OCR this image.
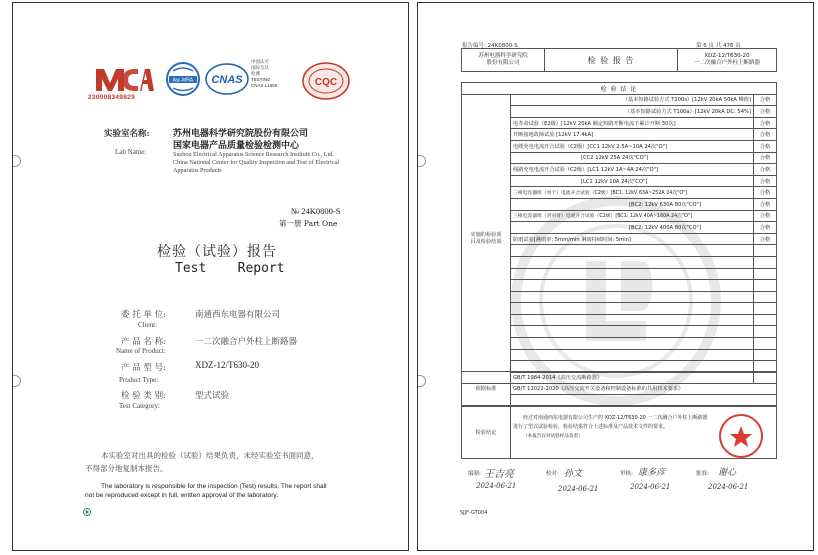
230008349829
ilac-MRA CNAS
中国认可
国际互认
检测
TESTING
CNAS L1650	CQC
实验室名称:	苏州电器科学研究院股份有限公司
国家电器产品质量检验检测中心
Lab Name:	Suzhou Electrical Apparatus Science Research Institute Co., Ltd.
China National Center for Quality Inspection and Test of Electrical
Apparatus Products
№ 24K0800-S
第一册 Part One
检验（试验）报告
Test    Report
委 托 单 位:	南通西东电器有限公司
Client:
产 品 名 称:	一二次融合户外柱上断路器
Name of Product:
产 品 型 号:	XDZ-12/T630-20
Product Type:
检 验 类 别:	型式试验
Test Category:
本实验室对出具的检验（试验）结果负责，未经实验室书面同意，
不得部分地复制本报告。
The laboratory is responsible for the inspection (Test) results. The report shall
not be reproduced except in full, written approval of the laboratory.
报告编号: 24K0800-S	第 6 页 共 476 页
苏州电器科学研究院
股份有限公司	检 验 报 告	XDZ-12/T630-20
一二次融合户外柱上断路器
检 验 结 论		

实施的检验项
目及检验结果	（基本短路试验方式 T100s）[12kV 20kA 50kA 峰值]	合格
	（基本短路试验方式 T100a）[12kV 20kA DC: 54%]	合格
	电寿命试验（E2级）[12kV 20kA 额定短路开断电流下累计开断 30次]	合格
	开断接地故障试验 [12kV 17.4kA]	合格
	电缆充电电流开合试验（C2级）[CC1 12kV 2.5A~10A 24次"O"]	合格
	[CC2 12kV 25A 24次"CO"]	合格
	线路充电电流开合试验（C2级）[LC1 12kV 1A~4A 24次"O"]	合格
	[LC2 12kV 10A 24次"CO"]	合格
	三相电容器组（单个）电流开合试验（C2级）[BC1: 12kV 63A~252A 24次"O"]	合格
	[BC2: 12kV 630A 80次"CO"]	合格
	三相电容器组（背对背）电流开合试验（C2级）[BC1: 12kV 40A~160A 24次"O"]	合格
	[BC2: 12kV 400A 80次"CO"]	合格
	防雨试验[淋雨率: 5mm/min 淋雨持续时间: 5min]	合格

依据标准	GB/T 1984-2014《高压交流断路器》
GB/T 11022-2020《高压交流开关设备和控制设备标准的共用技术要求》

检验结论	
经过对南通西东电器有限公司生产的 XDZ-12/T630-20 一二次融合户外柱上断路器
进行了型式试验检验，检验结果符合上述标准及产品技术文件的要求。
（本报告仅对试验样品负责）
编制: 王吉亮	校对: 孙文	审核: 康多彦	批准: 谢心
2024-06-21	2024-06-21	2024-06-21	2024-06-21
SJJF-GT004
